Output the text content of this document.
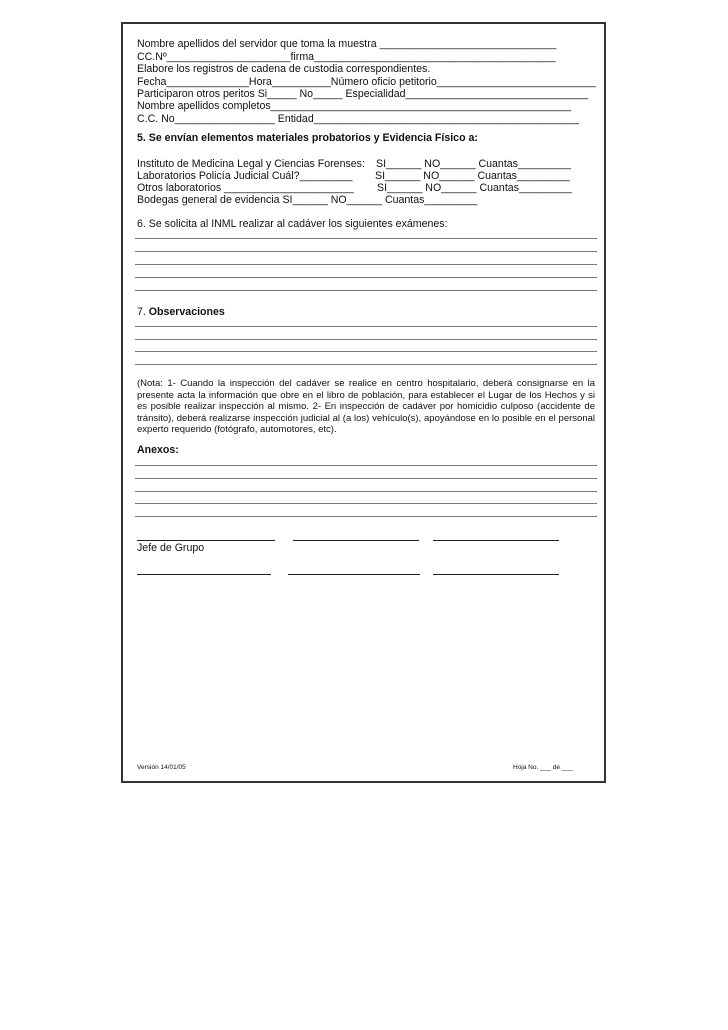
Nombre apellidos del servidor que toma la muestra ______________________________
CC.Nº_____________________firma_________________________________________
Elabore los registros de cadena de custodia correspondientes.
Fecha______________Hora__________Número oficio petitorio___________________________
Participaron otros peritos Si_____ No_____ Especialidad_______________________________
Nombre apellidos completos___________________________________________________
C.C. No_________________ Entidad_____________________________________________
5. Se envían elementos materiales probatorios y Evidencia Físico a:
Instituto de Medicina Legal y Ciencias Forenses: SI______ NO______ Cuantas_________
Laboratorios Policía Judicial Cuál?_________ SI______ NO______ Cuantas_________
Otros laboratorios ______________________ SI______ NO______ Cuantas_________
Bodegas general de evidencia SI______ NO______ Cuantas_________
6. Se solicita al INML realizar al cadáver los siguientes exámenes:
7. Observaciones
(Nota: 1- Cuando la inspección del cadáver se realice en centro hospitalario, deberá consignarse en la presente acta la información que obre en el libro de población, para establecer el Lugar de los Hechos y si es posible realizar inspección al mismo. 2- En inspección de cadáver por homicidio culposo (accidente de tránsito), deberá realizarse inspección judicial al (a los) vehículo(s), apoyándose en lo posible en el personal experto requerido (fotógrafo, automotores, etc).
Anexos:
Jefe de Grupo
Versión 14/01/05	Hoja No. ___ de ___
